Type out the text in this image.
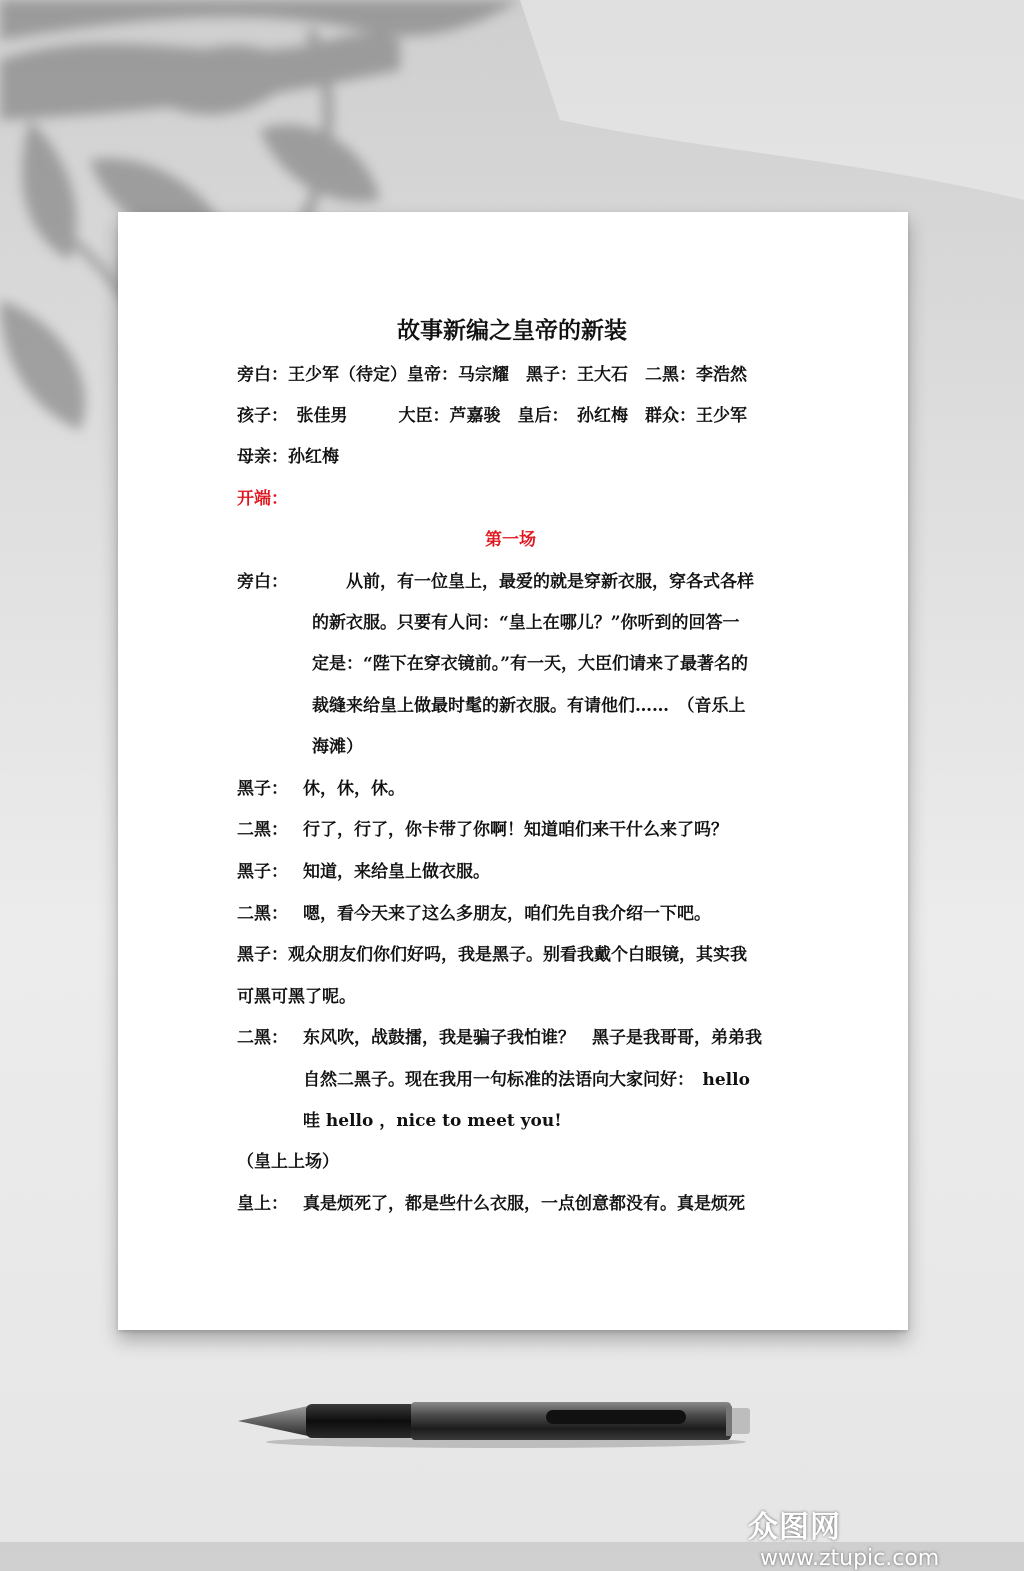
故事新编之皇帝的新装
旁白：王少军（待定）皇帝：马宗耀　黑子：王大石　二黑：李浩然
孩子：　张佳男　　　大臣：芦嘉骏　皇后：　孙红梅　群众：王少军
母亲：孙红梅
开端：
第一场
旁白： 　　从前，有一位皇上，最爱的就是穿新衣服，穿各式各样
的新衣服。只要有人问：“皇上在哪儿？”你听到的回答一
定是：“陛下在穿衣镜前。”有一天，大臣们请来了最著名的
裁缝来给皇上做最时髦的新衣服。有请他们……　（音乐上
海滩）
黑子： 休，休，休。
二黑： 行了，行了，你卡带了你啊！知道咱们来干什么来了吗？
黑子： 知道，来给皇上做衣服。
二黑： 嗯，看今天来了这么多朋友，咱们先自我介绍一下吧。
黑子： 观众朋友们你们好吗，我是黑子。别看我戴个白眼镜，其实我
可黑可黑了呢。
二黑： 东风吹，战鼓擂，我是骗子我怕谁？　黑子是我哥哥，弟弟我
自然二黑子。现在我用一句标准的法语向大家问好：　hello
哇 hello ，nice to meet you!
（皇上上场）
皇上： 真是烦死了，都是些什么衣服，一点创意都没有。真是烦死
众图网www.ztupic.com
